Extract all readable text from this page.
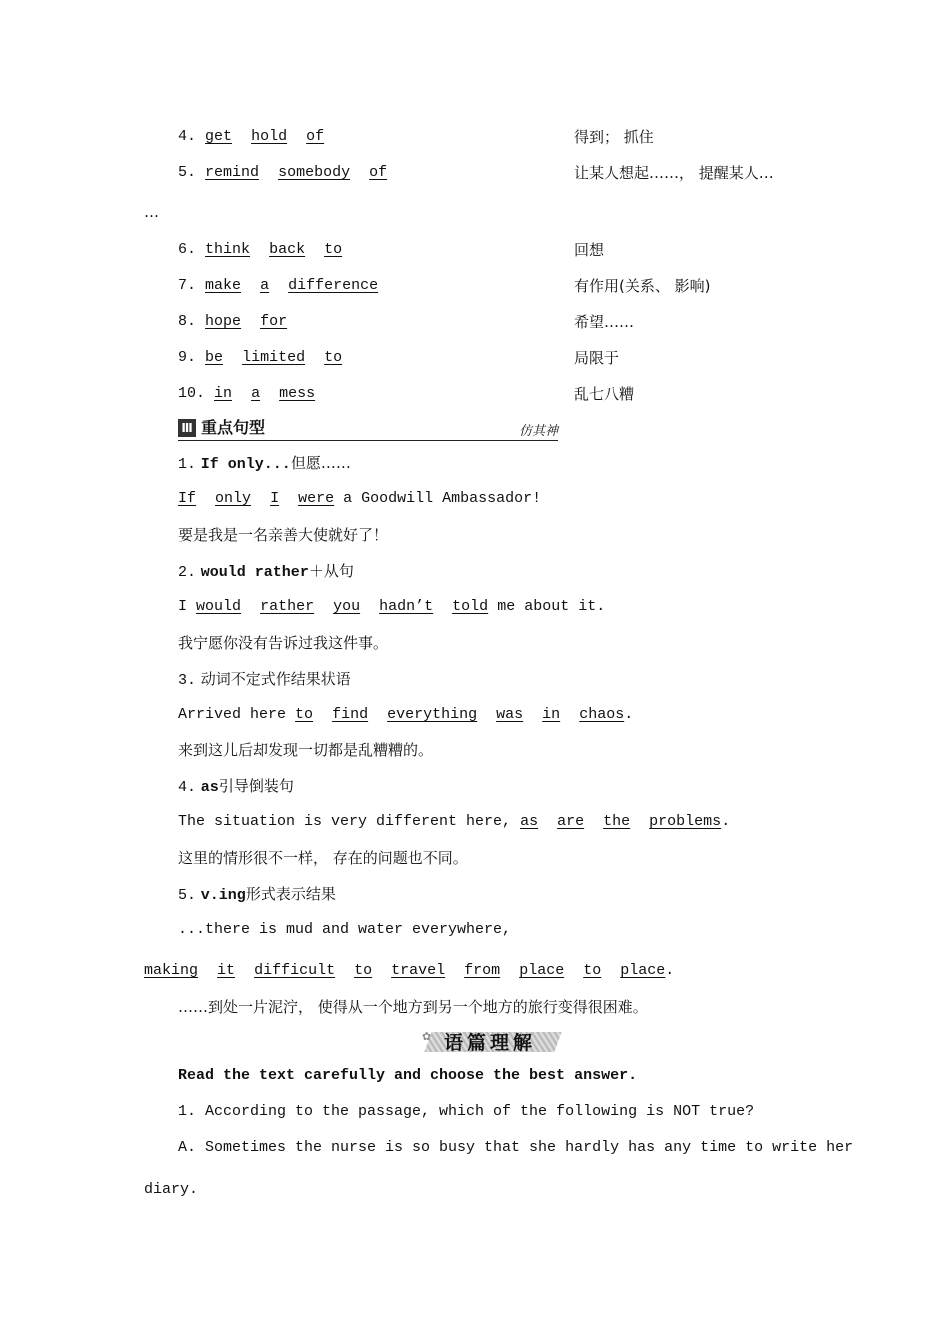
4. get hold of	得到； 抓住
5. remind somebody of	让某人想起……， 提醒某人…
…
6. think back to	回想
7. make a difference	有作用(关系、 影响)
8. hope for	希望……
9. be limited to	局限于
10. in a mess	乱七八糟
Ⅲ 重点句型	仿其神
1. If only...但愿……
If only I were a Goodwill Ambassador!
要是我是一名亲善大使就好了！
2. would rather＋从句
I would rather you hadn’t told me about it.
我宁愿你没有告诉过我这件事。
3. 动词不定式作结果状语
Arrived here to find everything was in chaos.
来到这儿后却发现一切都是乱糟糟的。
4. as引导倒装句
The situation is very different here, as are the problems.
这里的情形很不一样， 存在的问题也不同。
5. v.ing形式表示结果
...there is mud and water everywhere,
making it difficult to travel from place to place.
……到处一片泥泞， 使得从一个地方到另一个地方的旅行变得很困难。
✿ 语篇理解
Read the text carefully and choose the best answer.
1. According to the passage, which of the following is NOT true?
A. Sometimes the nurse is so busy that she hardly has any time to write her
diary.
